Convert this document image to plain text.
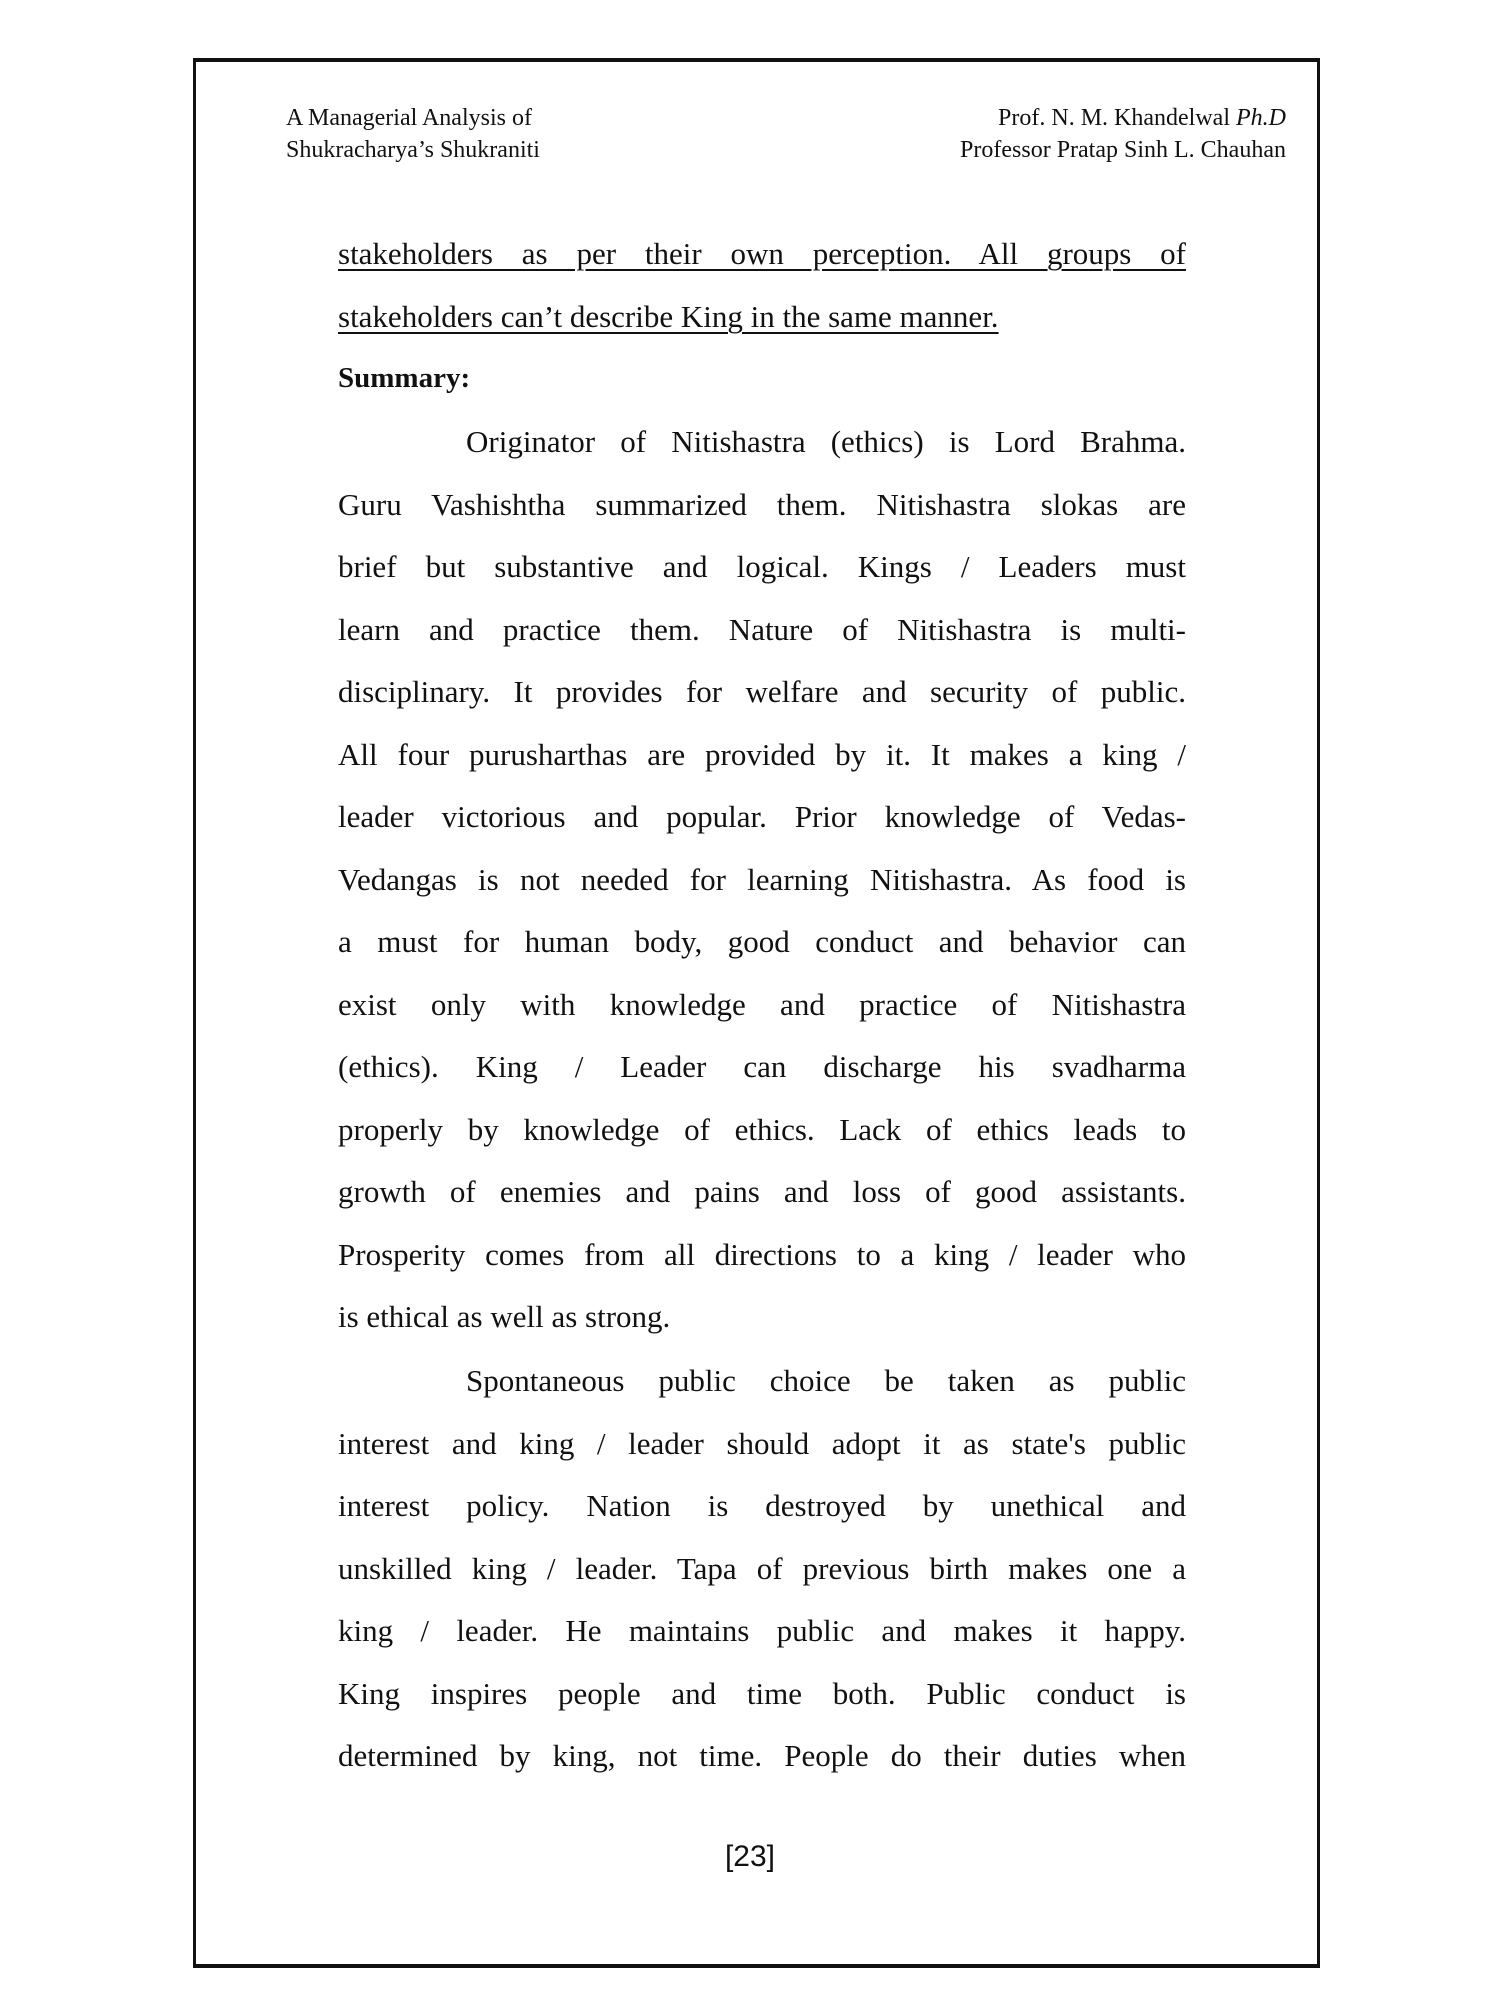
A Managerial Analysis of
Shukracharya’s Shukraniti
Prof. N. M. Khandelwal Ph.D
Professor Pratap Sinh L. Chauhan
stakeholders as per their own perception. All groups of
stakeholders can’t describe King in the same manner.
Originator of Nitishastra (ethics) is Lord Brahma.
Guru Vashishtha summarized them. Nitishastra slokas are
brief but substantive and logical. Kings / Leaders must
learn and practice them. Nature of Nitishastra is multi-
disciplinary. It provides for welfare and security of public.
All four purusharthas are provided by it. It makes a king /
leader victorious and popular. Prior knowledge of Vedas-
Vedangas is not needed for learning Nitishastra. As food is
a must for human body, good conduct and behavior can
exist only with knowledge and practice of Nitishastra
(ethics). King / Leader can discharge his svadharma
properly by knowledge of ethics. Lack of ethics leads to
growth of enemies and pains and loss of good assistants.
Prosperity comes from all directions to a king / leader who
is ethical as well as strong.
Spontaneous public choice be taken as public
interest and king / leader should adopt it as state's public
interest policy. Nation is destroyed by unethical and
unskilled king / leader. Tapa of previous birth makes one a
king / leader. He maintains public and makes it happy.
King inspires people and time both. Public conduct is
determined by king, not time. People do their duties when
Summary:
[23]
